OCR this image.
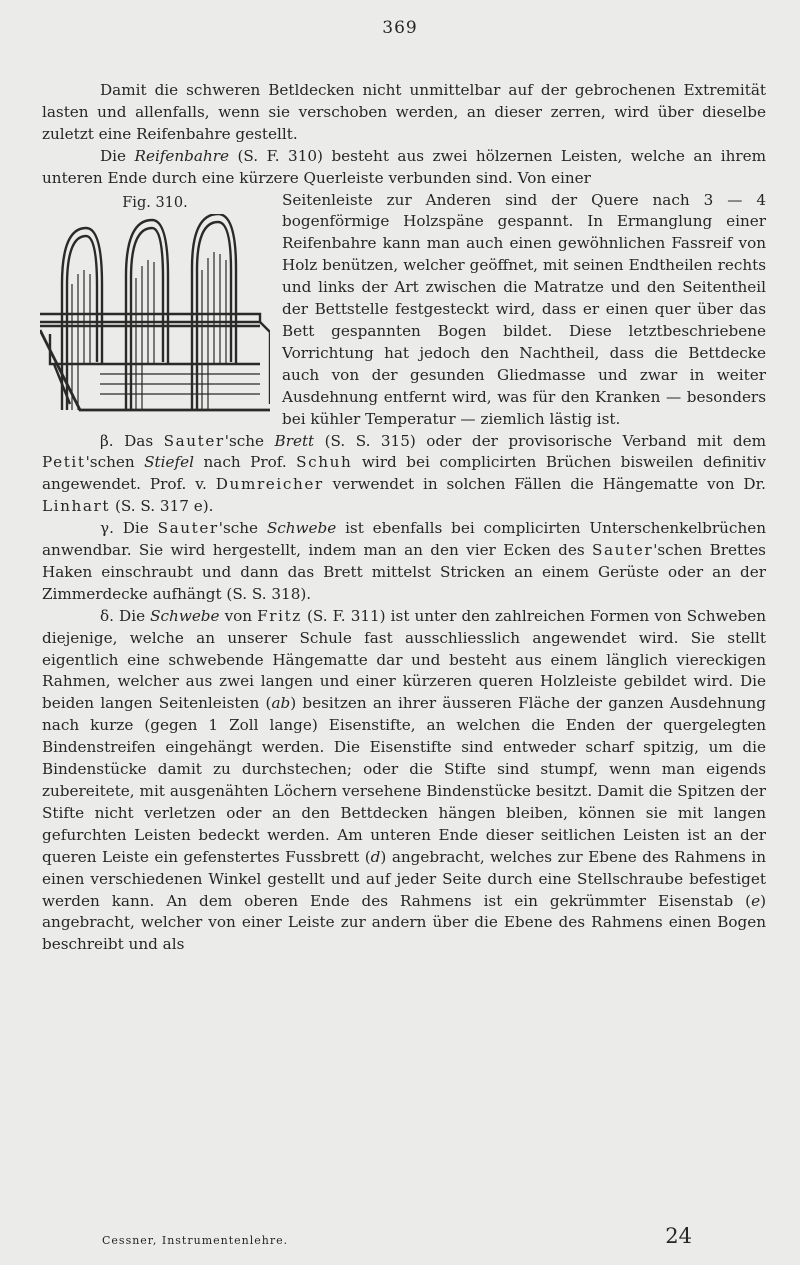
369

Damit die schweren Betldecken nicht unmittelbar auf der gebrochenen Extremität lasten und allenfalls, wenn sie verschoben werden, an dieser zerren, wird über dieselbe zuletzt eine Reifenbahre gestellt.

Die Reifenbahre (S. F. 310) besteht aus zwei hölzernen Leisten, welche an ihrem unteren Ende durch eine kürzere Querleiste verbunden sind. Von einer

Fig. 310.	Seitenleiste zur Anderen sind der Quere nach 3 — 4 bogenförmige Holzspäne gespannt. In Ermanglung einer Reifenbahre kann man auch einen gewöhnlichen Fassreif von Holz benützen, welcher geöffnet, mit seinen Endtheilen rechts und links der Art zwischen die Matratze und den Seitentheil der Bettstelle festgesteckt wird, dass er einen quer über das Bett gespannten Bogen bildet. Diese letztbeschriebene Vorrichtung hat jedoch den Nachtheil, dass die Bettdecke auch von der gesunden Gliedmasse und zwar in weiter Ausdehnung entfernt wird, was für den Kranken — besonders bei kühler Temperatur — ziemlich lästig ist.

β. Das Sauter'sche Brett (S. S. 315) oder der provisorische Verband mit dem Petit'schen Stiefel nach Prof. Schuh wird bei complicirten Brüchen bisweilen definitiv angewendet. Prof. v. Dumreicher verwendet in solchen Fällen die Hängematte von Dr. Linhart (S. S. 317 e).

γ. Die Sauter'sche Schwebe ist ebenfalls bei complicirten Unterschenkelbrüchen anwendbar. Sie wird hergestellt, indem man an den vier Ecken des Sauter'schen Brettes Haken einschraubt und dann das Brett mittelst Stricken an einem Gerüste oder an der Zimmerdecke aufhängt (S. S. 318).

δ. Die Schwebe von Fritz (S. F. 311) ist unter den zahlreichen Formen von Schweben diejenige, welche an unserer Schule fast ausschliesslich angewendet wird. Sie stellt eigentlich eine schwebende Hängematte dar und besteht aus einem länglich viereckigen Rahmen, welcher aus zwei langen und einer kürzeren queren Holzleiste gebildet wird. Die beiden langen Seitenleisten (ab) besitzen an ihrer äusseren Fläche der ganzen Ausdehnung nach kurze (gegen 1 Zoll lange) Eisenstifte, an welchen die Enden der quergelegten Bindenstreifen eingehängt werden. Die Eisenstifte sind entweder scharf spitzig, um die Bindenstücke damit zu durchstechen; oder die Stifte sind stumpf, wenn man eigends zubereitete, mit ausgenähten Löchern versehene Bindenstücke besitzt. Damit die Spitzen der Stifte nicht verletzen oder an den Bettdecken hängen bleiben, können sie mit langen gefurchten Leisten bedeckt werden. Am unteren Ende dieser seitlichen Leisten ist an der queren Leiste ein gefenstertes Fussbrett (d) angebracht, welches zur Ebene des Rahmens in einen verschiedenen Winkel gestellt und auf jeder Seite durch eine Stellschraube befestiget werden kann. An dem oberen Ende des Rahmens ist ein gekrümmter Eisenstab (e) angebracht, welcher von einer Leiste zur andern über die Ebene des Rahmens einen Bogen beschreibt und als

Cessner, Instrumentenlehre.	24
